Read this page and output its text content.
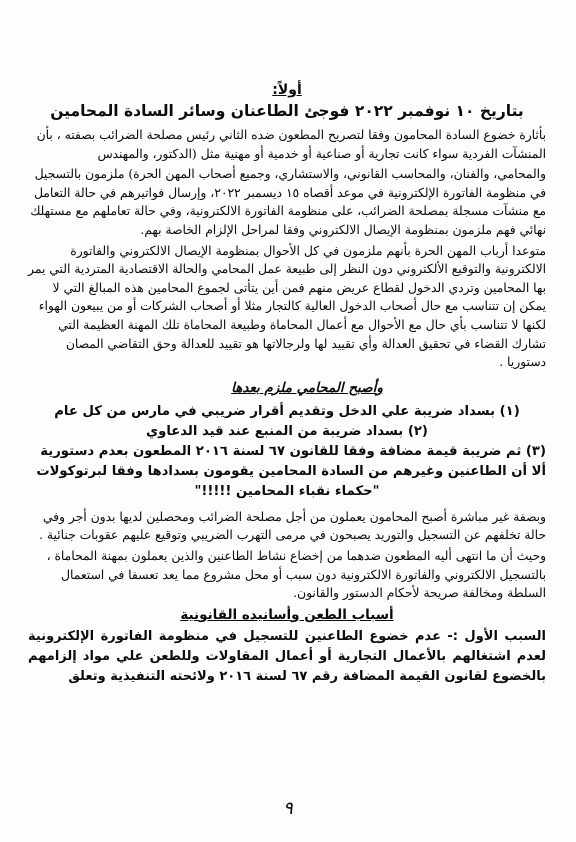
أولاً:
بتاريخ ١٠ نوفمبر ٢٠٢٢ فوجئ الطاعنان وسائر السادة المحامين

بأثارة خضوع السادة المحامون وفقا لتصريح المطعون ضده الثاني رئيس مصلحة الضرائب بصفته ، بأن المنشآت الفردية سواء كانت تجارية أو صناعية أو خدمية أو مهنية مثل (الدكتور، والمهندس

والمحامي، والفنان، والمحاسب القانوني، والاستشاري، وجميع أصحاب المهن الحرة) ملزمون بالتسجيل في منظومة الفاتورة الإلكترونية في موعد أقصاه ١٥ ديسمبر ٢٠٢٢، وإرسال فواتيرهم في حالة التعامل مع منشآت مسجلة بمصلحة الضرائب، على منظومة الفاتورة الالكترونية، وفي حالة تعاملهم مع مستهلك نهائي فهم ملزمون بمنظومة الإيصال الالكتروني وفقا لمراحل الإلزام الخاصة بهم.

متوعدا أرباب المهن الحرة بأنهم ملزمون في كل الأحوال بمنظومة الإيصال الالكتروني والفاتورة الالكترونية والتوقيع الألكتروني دون النظر إلى طبيعة عمل المحامي والحالة الاقتصادية المتردية التي يمر بها المحامين وتردي الدخول لقطاع عريض منهم فمن أين يتأتى لجموع المحامين هذه المبالغ التي لا يمكن إن تتناسب مع حال أصحاب الدخول العالية كالتجار مثلا أو أصحاب الشركات أو من يبيعون الهواء لكنها لا تتناسب بأي حال مع الأحوال مع أعمال المحاماة وطبيعة المحاماة تلك المهنة العظيمة التي تشارك القضاء في تحقيق العدالة وأي تقييد لها ولرجالاتها هو تقييد للعدالة وحق التقاضي المصان دستوريا .

وأصبح المحامي ملزم بعدها

(١) بسداد ضريبة علي الدخل وتقديم أقرار ضريبي في مارس من كل عام

(٢) بسداد ضريبة من المنبع عند قيد الدعاوي

(٣) ثم ضريبة قيمة مضافة وفقا للقانون ٦٧ لسنة ٢٠١٦ المطعون بعدم دستورية

ألا أن الطاعنين وغيرهم من السادة المحامين يقومون بسدادها وفقا لبرتوكولات

"حكماء نقباء المحامين !!!!!"

وبصفة غير مباشرة أصبح المحامون يعملون من أجل مصلحة الضرائب ومحصلين لديها بدون أجر وفي حالة تخلفهم عن التسجيل والتوريد يصبحون في مرمى التهرب الضريبي وتوقيع عليهم عقوبات جنائية .

وحيث أن ما انتهى أليه المطعون ضدهما من إخضاع نشاط الطاعنين والذين يعملون بمهنة المحاماة ، بالتسجيل الالكتروني والفاتورة الالكترونية دون سبب أو محل مشروع مما يعد تعسفا في استعمال السلطة ومخالفة صريحة لأحكام الدستور والقانون.

أسباب الطعن وأسانيده القانونية

السبب الأول :- عدم خضوع الطاعنين للتسجيل في منظومة الفاتورة الإلكترونية لعدم اشتغالهم بالأعمال التجارية أو أعمال المقاولات وللطعن علي مواد إلزامهم بالخضوع لقانون القيمة المضافة رقم ٦٧ لسنة ٢٠١٦ ولائحته التنفيذية وتعلق

٩
